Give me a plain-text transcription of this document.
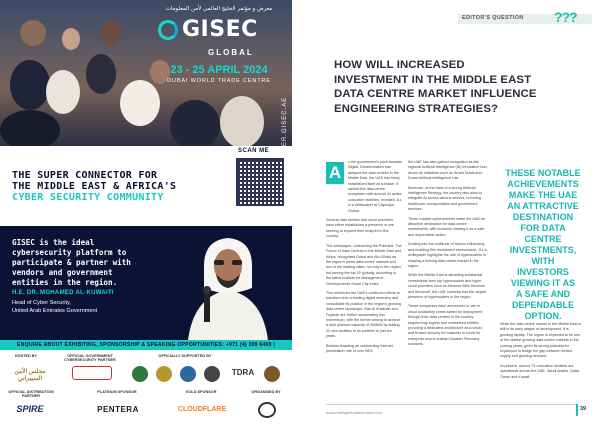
معرض و مؤتمر الخليج العالمي لأمن المعلومات
GISEC
GLOBAL
23 - 25 APRIL 2024
DUBAI WORLD TRADE CENTRE
THE SUPER CONNECTOR FOR
THE MIDDLE EAST & AFRICA'S
CYBER SECURITY COMMUNITY
SCAN ME
GISEC is the ideal cybersecurity platform to participate & partner with vendors and government entities in the region.
H.E. DR. MOHAMED AL-KUWAITI
Head of Cyber Security,
United Arab Emirates Government
ENQUIRE ABOUT EXHIBITING, SPONSORSHIP & SPEAKING OPPORTUNITIES: +971 (4) 309 6469 |
HOSTED BY	OFFICIAL GOVERNMENT CYBERSECURITY PARTNER
OFFICIALLY SUPPORTED BY
مجلس الأمن السيبراني
TDRA
OFFICIAL DISTRIBUTION PARTNER
PLATINUM SPONSOR	GOLD SPONSOR	ORGANISED BY
SPIRE	PENTERA	CLOUDFLARE
EDITOR'S QUESTION ???
HOW WILL INCREASED
INVESTMENT IN THE MIDDLE EAST
DATA CENTRE MARKET INFLUENCE
ENGINEERING STRATEGIES?
A

s the government's push towards Digital Transformation has dumped the data centres in the Middle East, the UAE has firmly established itself as a leader. It ranked the data centre ecosystem with around 24 active colocation facilities, revealed JLL in a whitepaper at Cityscape Global.

Several data centres and cloud providers have either established a presence or are seeking to expand their footprint in the country.

The whitepaper, Unleashing the Potential: The Future of Data Centres in the Middle East and Africa, recognises Dubai and Abu Dhabi as the region's prime data centre markets and two of the leading cities, not only in the region, but among the top 20 globally, according to the latest Institute for Management Development's Smart City Index.

This reinforces the UAE's continued efforts to transform into a leading digital economy and consolidate its position in the region's growing data centre landscape. Ras Al Khaimah and Fujairah are further accelerating this momentum, with the former aiming to achieve a total planned capacity of 350MW by adding 12 new facilities to its portfolio in just ten years.

Besides boasting an outstanding Internet penetration rate of over 98%,

the UAE has also gained recognition as the regional Artificial Intelligence (AI) innovation hub, driven by initiatives such as Smart Dubai and Dubai Artificial Intelligence Lab.

Moreover, at the back of a strong Artificial Intelligence Strategy, the country also aims to integrate AI across various sectors, including healthcare, transportation and government services.

These notable achievements make the UAE an attractive destination for data centre investments, with investors viewing it as a safe and dependable option.

Dealing into the multitude of factors influencing and enabling this investment environment, JLL's whitepaper highlights the role of hyperscalers in shaping a thriving data centre market in the region.

While the Middle East is attracting substantial investments from top hyperscalers and hyper cloud providers such as Amazon Web Services and Microsoft, the UAE currently has the largest presence of hyperscalers in the region.

These companies have announced or are in cloud availability zones slated for deployment through their data centres in the country, targeted big-buyers and centralised entities providing a dedicated architecture and robust and trusted security for business to boost its enterprise and to sustain Disaster Recovery solutions.

THESE NOTABLE
ACHIEVEMENTS
MAKE THE UAE
AN ATTRACTIVE
DESTINATION
FOR DATA
CENTRE
INVESTMENTS,
WITH
INVESTORS
VIEWING IT AS
A SAFE AND
DEPENDABLE
OPTION.

While the data centre market in the Middle East is still in its early stages of development, it is growing rapidly. The region is expected to be one of the fastest growing data centre markets in the coming years, given its strong potential for expansion to bridge the gap between limited supply and growing demand.

At present, around 73 colocation facilities are operational across the UAE, Saudi Arabia, Qatar, Oman and Kuwait.

www.intelligentdatacentres.com
39
